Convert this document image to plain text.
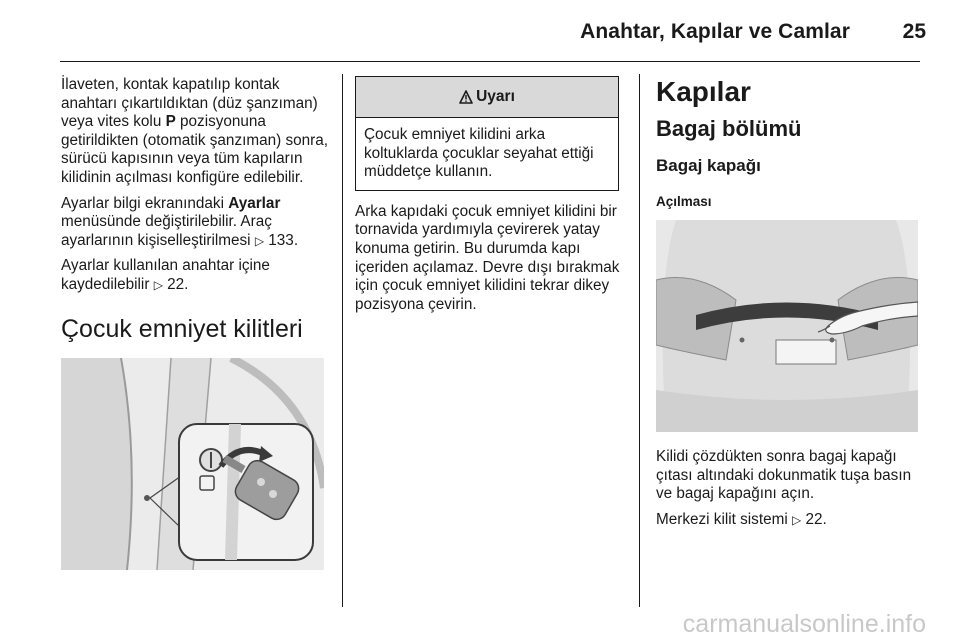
Anahtar, Kapılar ve Camlar	25

İlaveten, kontak kapatılıp kontak anahtarı çıkartıldıktan (düz şanzıman) veya vites kolu P pozisyonuna getirildikten (otomatik şanzıman) sonra, sürücü kapısının veya tüm kapıların kilidinin açılması konfigüre edilebilir.

Ayarlar bilgi ekranındaki Ayarlar menüsünde değiştirilebilir. Araç ayarlarının kişiselleştirilmesi ▷ 133.

Ayarlar kullanılan anahtar içine kaydedilebilir ▷ 22.

Çocuk emniyet kilitleri
Uyarı
Çocuk emniyet kilidini arka koltuklarda çocuklar seyahat ettiği müddetçe kullanın.

Arka kapıdaki çocuk emniyet kilidini bir tornavida yardımıyla çevirerek yatay konuma getirin. Bu durumda kapı içeriden açılamaz. Devre dışı bırakmak için çocuk emniyet kilidini tekrar dikey pozisyona çevirin.

Kapılar
Bagaj bölümü
Bagaj kapağı
Açılması

Kilidi çözdükten sonra bagaj kapağı çıtası altındaki dokunmatik tuşa basın ve bagaj kapağını açın.

Merkezi kilit sistemi ▷ 22.

carmanualsonline.info
